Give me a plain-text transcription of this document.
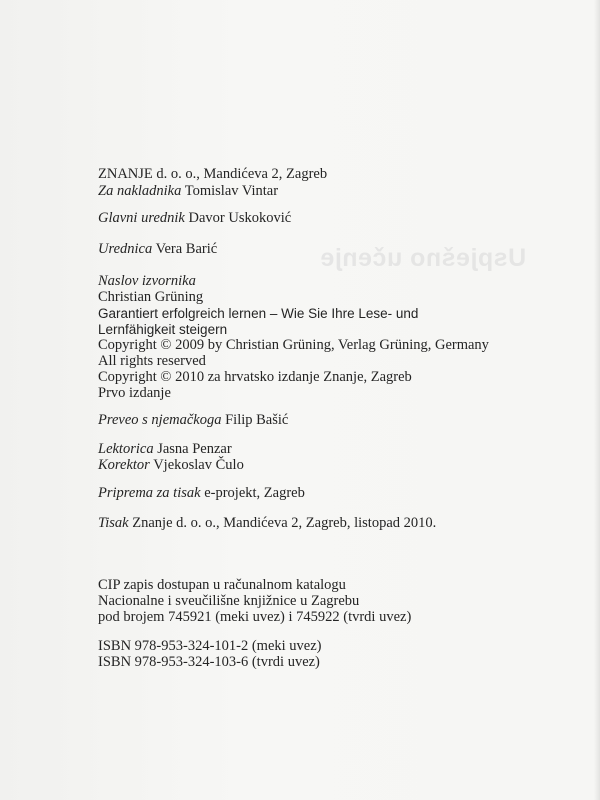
Uspješno učenje
ZNANJE d. o. o., Mandićeva 2, Zagreb
Za nakladnika Tomislav Vintar
Glavni urednik Davor Uskoković
Urednica Vera Barić
Naslov izvornika
Christian Grüning
Garantiert erfolgreich lernen – Wie Sie Ihre Lese- und
Lernfähigkeit steigern
Copyright © 2009 by Christian Grüning, Verlag Grüning, Germany
All rights reserved
Copyright © 2010 za hrvatsko izdanje Znanje, Zagreb
Prvo izdanje
Preveo s njemačkoga Filip Bašić
Lektorica Jasna Penzar
Korektor Vjekoslav Čulo
Priprema za tisak e-projekt, Zagreb
Tisak Znanje d. o. o., Mandićeva 2, Zagreb, listopad 2010.
CIP zapis dostupan u računalnom katalogu
Nacionalne i sveučilišne knjižnice u Zagrebu
pod brojem 745921 (meki uvez) i 745922 (tvrdi uvez)
ISBN 978-953-324-101-2 (meki uvez)
ISBN 978-953-324-103-6 (tvrdi uvez)
